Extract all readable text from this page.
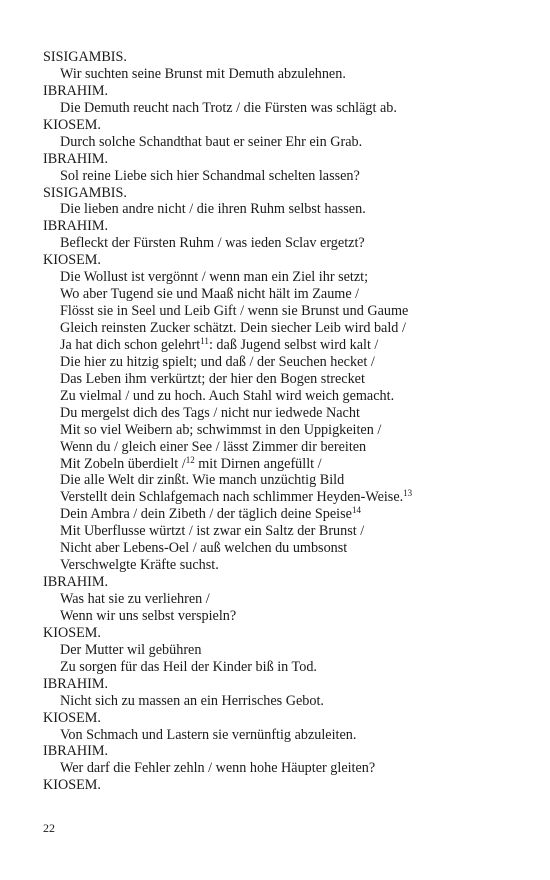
SISIGAMBIS.
Wir suchten seine Brunst mit Demuth abzulehnen.
IBRAHIM.
Die Demuth reucht nach Trotz / die Fürsten was schlägt ab.
KIOSEM.
Durch solche Schandthat baut er seiner Ehr ein Grab.
IBRAHIM.
Sol reine Liebe sich hier Schandmal schelten lassen?
SISIGAMBIS.
Die lieben andre nicht / die ihren Ruhm selbst hassen.
IBRAHIM.
Befleckt der Fürsten Ruhm / was ieden Sclav ergetzt?
KIOSEM.
Die Wollust ist vergönnt / wenn man ein Ziel ihr setzt;
Wo aber Tugend sie und Maaß nicht hält im Zaume /
Flösst sie in Seel und Leib Gift / wenn sie Brunst und Gaume
Gleich reinsten Zucker schätzt. Dein siecher Leib wird bald /
Ja hat dich schon gelehrt$^{11}$: daß Jugend selbst wird kalt /
Die hier zu hitzig spielt; und daß / der Seuchen hecket /
Das Leben ihm verkürtzt; der hier den Bogen strecket
Zu vielmal / und zu hoch. Auch Stahl wird weich gemacht.
Du mergelst dich des Tags / nicht nur iedwede Nacht
Mit so viel Weibern ab; schwimmst in den Uppigkeiten /
Wenn du / gleich einer See / lässt Zimmer dir bereiten
Mit Zobeln überdielt /$^{12}$ mit Dirnen angefüllt /
Die alle Welt dir zinßt. Wie manch unzüchtig Bild
Verstellt dein Schlafgemach nach schlimmer Heyden-Weise.$^{13}$
Dein Ambra / dein Zibeth / der täglich deine Speise$^{14}$
Mit Uberflusse würtzt / ist zwar ein Saltz der Brunst /
Nicht aber Lebens-Oel / auß welchen du umbsonst
Verschwelgte Kräfte suchst.
IBRAHIM.
Was hat sie zu verliehren /
Wenn wir uns selbst verspieln?
KIOSEM.
Der Mutter wil gebühren
Zu sorgen für das Heil der Kinder biß in Tod.
IBRAHIM.
Nicht sich zu massen an ein Herrisches Gebot.
KIOSEM.
Von Schmach und Lastern sie vernünftig abzuleiten.
IBRAHIM.
Wer darf die Fehler zehln / wenn hohe Häupter gleiten?
KIOSEM.
22
